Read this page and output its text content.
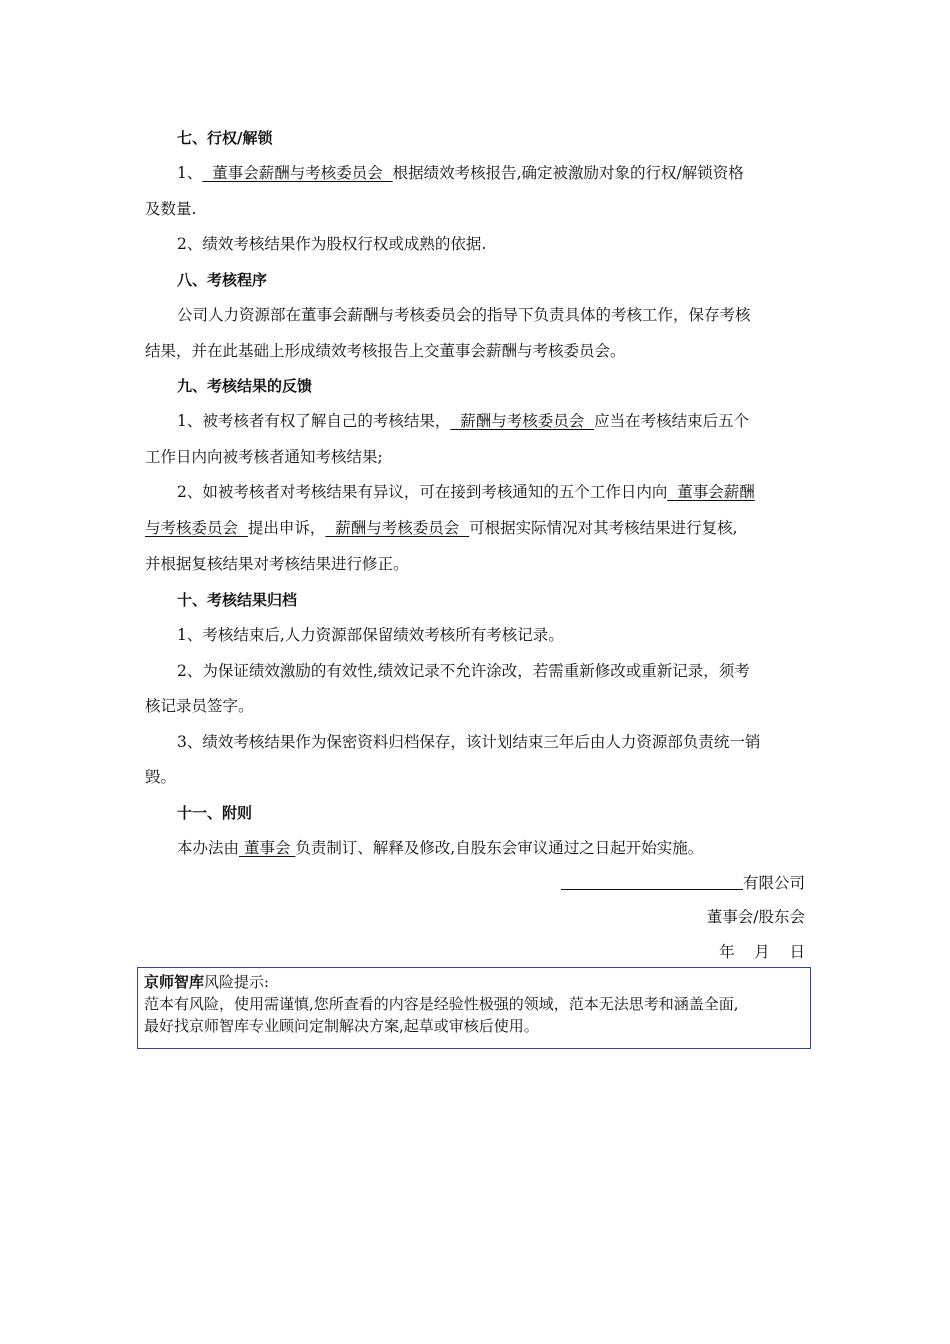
七、行权/解锁
1、  董事会薪酬与考核委员会  根据绩效考核报告,确定被激励对象的行权/解锁资格
及数量.
2、绩效考核结果作为股权行权或成熟的依据.
八、考核程序
公司人力资源部在董事会薪酬与考核委员会的指导下负责具体的考核工作，保存考核
结果，并在此基础上形成绩效考核报告上交董事会薪酬与考核委员会。
九、考核结果的反馈
1、被考核者有权了解自己的考核结果，  薪酬与考核委员会  应当在考核结束后五个
工作日内向被考核者通知考核结果;
2、如被考核者对考核结果有异议，可在接到考核通知的五个工作日内向  董事会薪酬
与考核委员会  提出申诉，  薪酬与考核委员会  可根据实际情况对其考核结果进行复核,
并根据复核结果对考核结果进行修正。
十、考核结果归档
1、考核结束后,人力资源部保留绩效考核所有考核记录。
2、为保证绩效激励的有效性,绩效记录不允许涂改，若需重新修改或重新记录，须考
核记录员签字。
3、绩效考核结果作为保密资料归档保存，该计划结束三年后由人力资源部负责统一销
毁。
十一、附则
本办法由 董事会 负责制订、解释及修改,自股东会审议通过之日起开始实施。
有限公司
董事会/股东会
年    月    日
京师智库风险提示:
范本有风险，使用需谨慎,您所查看的内容是经验性极强的领域，范本无法思考和涵盖全面,
最好找京师智库专业顾问定制解决方案,起草或审核后使用。
